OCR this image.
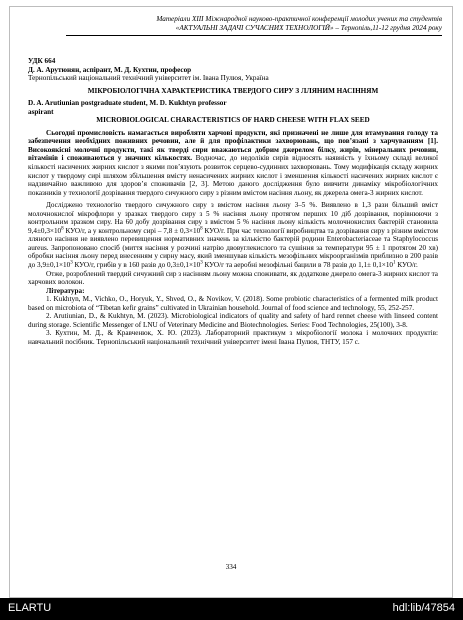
Матеріали XIII Міжнародної науково-практичної конференції молодих учених та студентів
«АКТУАЛЬНІ ЗАДАЧІ СУЧАСНИХ ТЕХНОЛОГІЙ» – Тернопіль,11-12 грудня 2024 року

УДК 664

Д. А. Арутюнян, аспірант, М. Д. Кухтин, професор

Тернопільський національний технічний університет ім. Івана Пулюя, Україна

МІКРОБІОЛОГІЧНА ХАРАКТЕРИСТИКА ТВЕРДОГО СИРУ З ЛЛЯНИМ НАСІННЯМ

D. A. Arutiunian postgraduate student, M. D. Kukhtyn professor

aspirant

MICROBIOLOGICAL CHARACTERISTICS OF HARD CHEESE WITH FLAX SEED

Сьогодні промисловість намагається виробляти харчові продукти, які призначені не лише для втамування голоду та забезпечення необхідних поживних речовин, але й для профілактики захворювань, що пов’язані з харчуванням [1]. Високоякісні молочні продукти, такі як тверді сири вважаються добрим джерелом білку, жирів, мінеральних речовин, вітамінів і споживаються у значних кількостях. Водночас, до недоліків сирів відносять наявність у їхньому складі великої кількості насичених жирних кислот з якими пов’язують розвиток серцево-судинних захворювань. Тому модифікація складу жирних кислот у твердому сирі шляхом збільшення вмісту ненасичених жирних кислот і зменшення кількості насичених жирних кислот є надзвичайно важливою для здоров’я споживачів [2, 3]. Метою даного дослідження було вивчити динаміку мікробіологічних показників у технології дозрівання твердого сичужного сиру з різним вмістом насіння льону, як джерела омега-3 жирних кислот.

Досліджено технологію твердого сичужного сиру з вмістом насіння льону 3–5 %. Виявлено в 1,3 рази більший вміст молочнокислої мікрофлори у зразках твердого сиру з 5 % насіння льону протягом перших 10 діб дозрівання, порівнюючи з контрольним зразком сиру. На 60 добу дозрівання сиру з вмістом 5 % насіння льону кількість молочнокислих бактерій становила $9,4\pm 0,3\times 10^8$ КУО/г, а у контрольному сирі – $7,8 \pm 0,3\times 10^8$ КУО/г. При час технології виробництва та дозрівання сиру з різним вмістом лляного насіння не виявлено перевищення нормативних значень за кількістю бактерій родини Enterobacteriaceae та Staphylococcus aureus. Запропоновано спосіб (миття насіння у розчині натрію двовуглекислого та сушіння за температури 95 ± 1 протягом 20 хв) обробки насіння льону перед внесенням у сирну масу, який зменшував кількість мезофільних мікроорганізмів приблизно в 200 разів до $3,9\pm 0,1\times 10^3$ КУО/г, грибів у в 160 разів до $0,3\pm 0,1\times 10^3$ КУО/г та аеробні мезофільні бацили в 78 разів до $1,1\pm 0,1\times 10^1$ КУО/г.

Отже, розроблений твердий сичужний сир з насінням льону можна споживати, як додаткове джерело омега-3 жирних кислот та харчових волокон.

Література:

1. Kukhtyn, M., Vichko, O., Horyuk, Y., Shved, O., & Novikov, V. (2018). Some probiotic characteristics of a fermented milk product based on microbiota of “Tibetan kefir grains” cultivated in Ukrainian household. Journal of food science and technology, 55, 252-257.

2. Arutiunian, D., & Kukhtyn, M. (2023). Microbiological indicators of quality and safety of hard rennet cheese with linseed content during storage. Scientific Messenger of LNU of Veterinary Medicine and Biotechnologies. Series: Food Technologies, 25(100), 3-8.

3. Кухтин, М. Д., & Кравченюк, Х. Ю. (2023). Лабораторний практикум з мікробіології молока і молочних продуктів: навчальний посібник. Тернопільський національний технічний університет імені Івана Пулюя, ТНТУ, 157 с.

334
ELARTU	hdl:lib/47854
